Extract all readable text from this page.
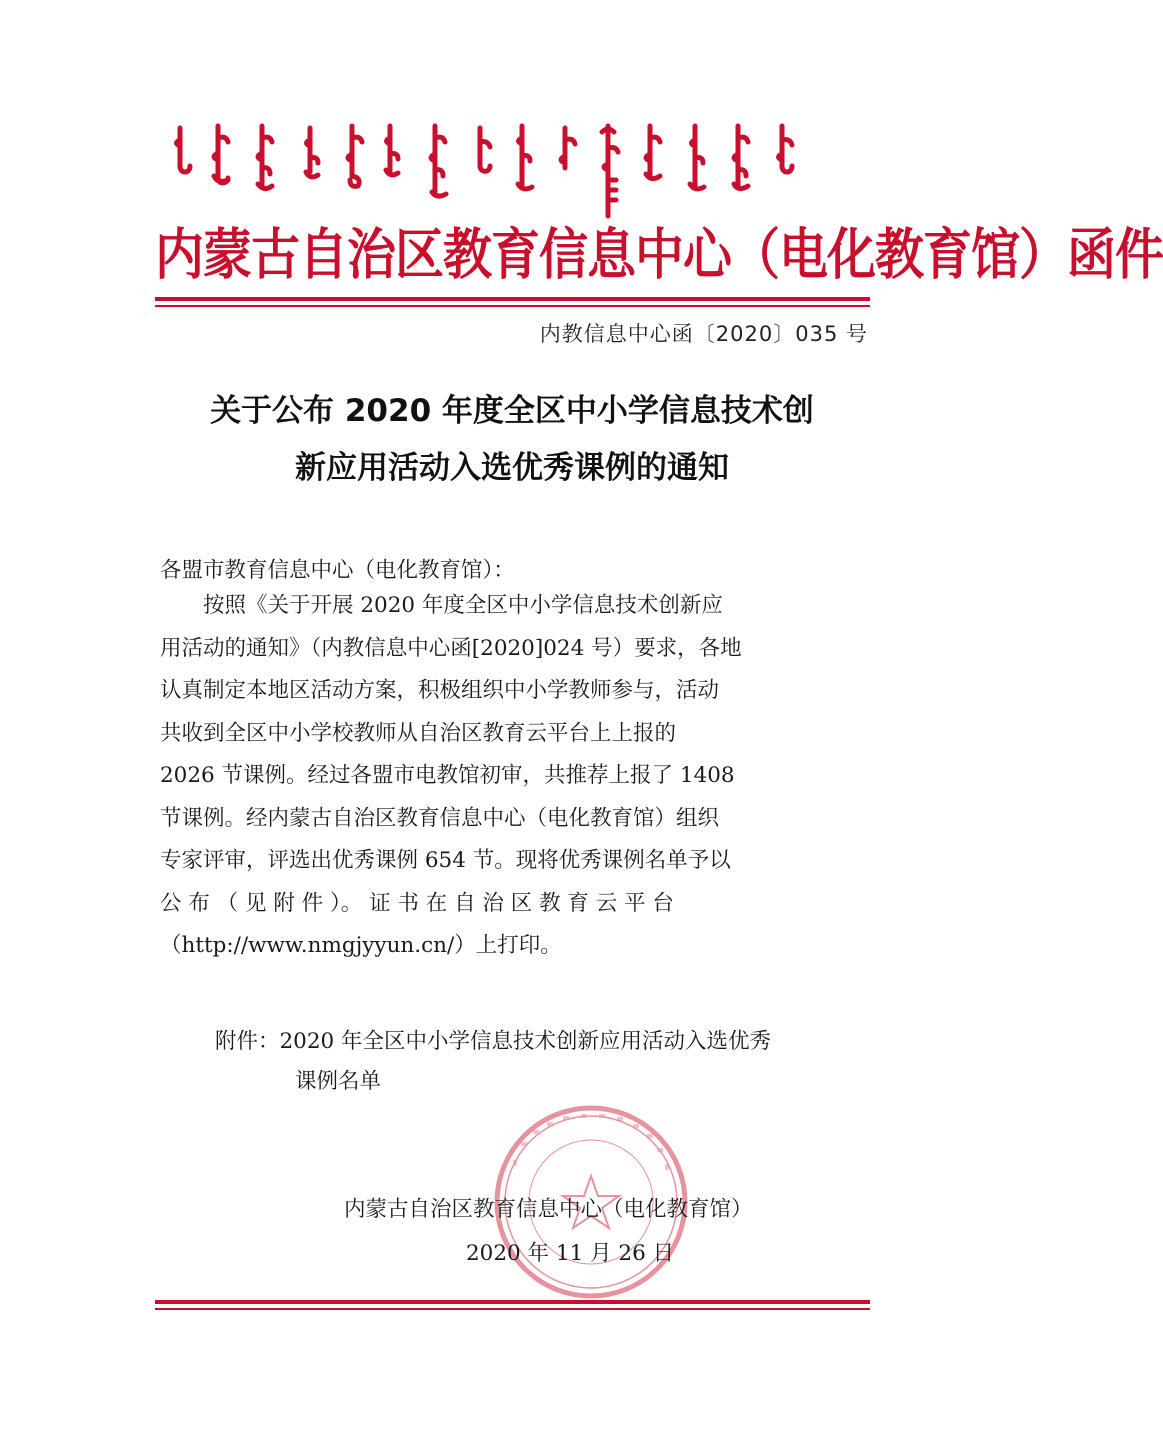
内蒙古自治区教育信息中心（电化教育馆）函件
内教信息中心函〔2020〕035 号
关于公布 2020 年度全区中小学信息技术创
新应用活动入选优秀课例的通知
各盟市教育信息中心（电化教育馆）：
　　按照《关于开展 2020 年度全区中小学信息技术创新应
用活动的通知》（内教信息中心函[2020]024 号）要求，各地
认真制定本地区活动方案，积极组织中小学教师参与，活动
共收到全区中小学校教师从自治区教育云平台上上报的
2026 节课例。经过各盟市电教馆初审，共推荐上报了 1408
节课例。经内蒙古自治区教育信息中心（电化教育馆）组织
专家评审，评选出优秀课例 654 节。现将优秀课例名单予以
公 布 （ 见 附 件 ）。 证 书 在 自 治 区 教 育 云 平 台
（http://www.nmgjyyun.cn/）上打印。
附件：2020 年全区中小学信息技术创新应用活动入选优秀
课例名单
内蒙古自治区教育信息中心（电化教育馆）
2020 年 11 月 26 日
